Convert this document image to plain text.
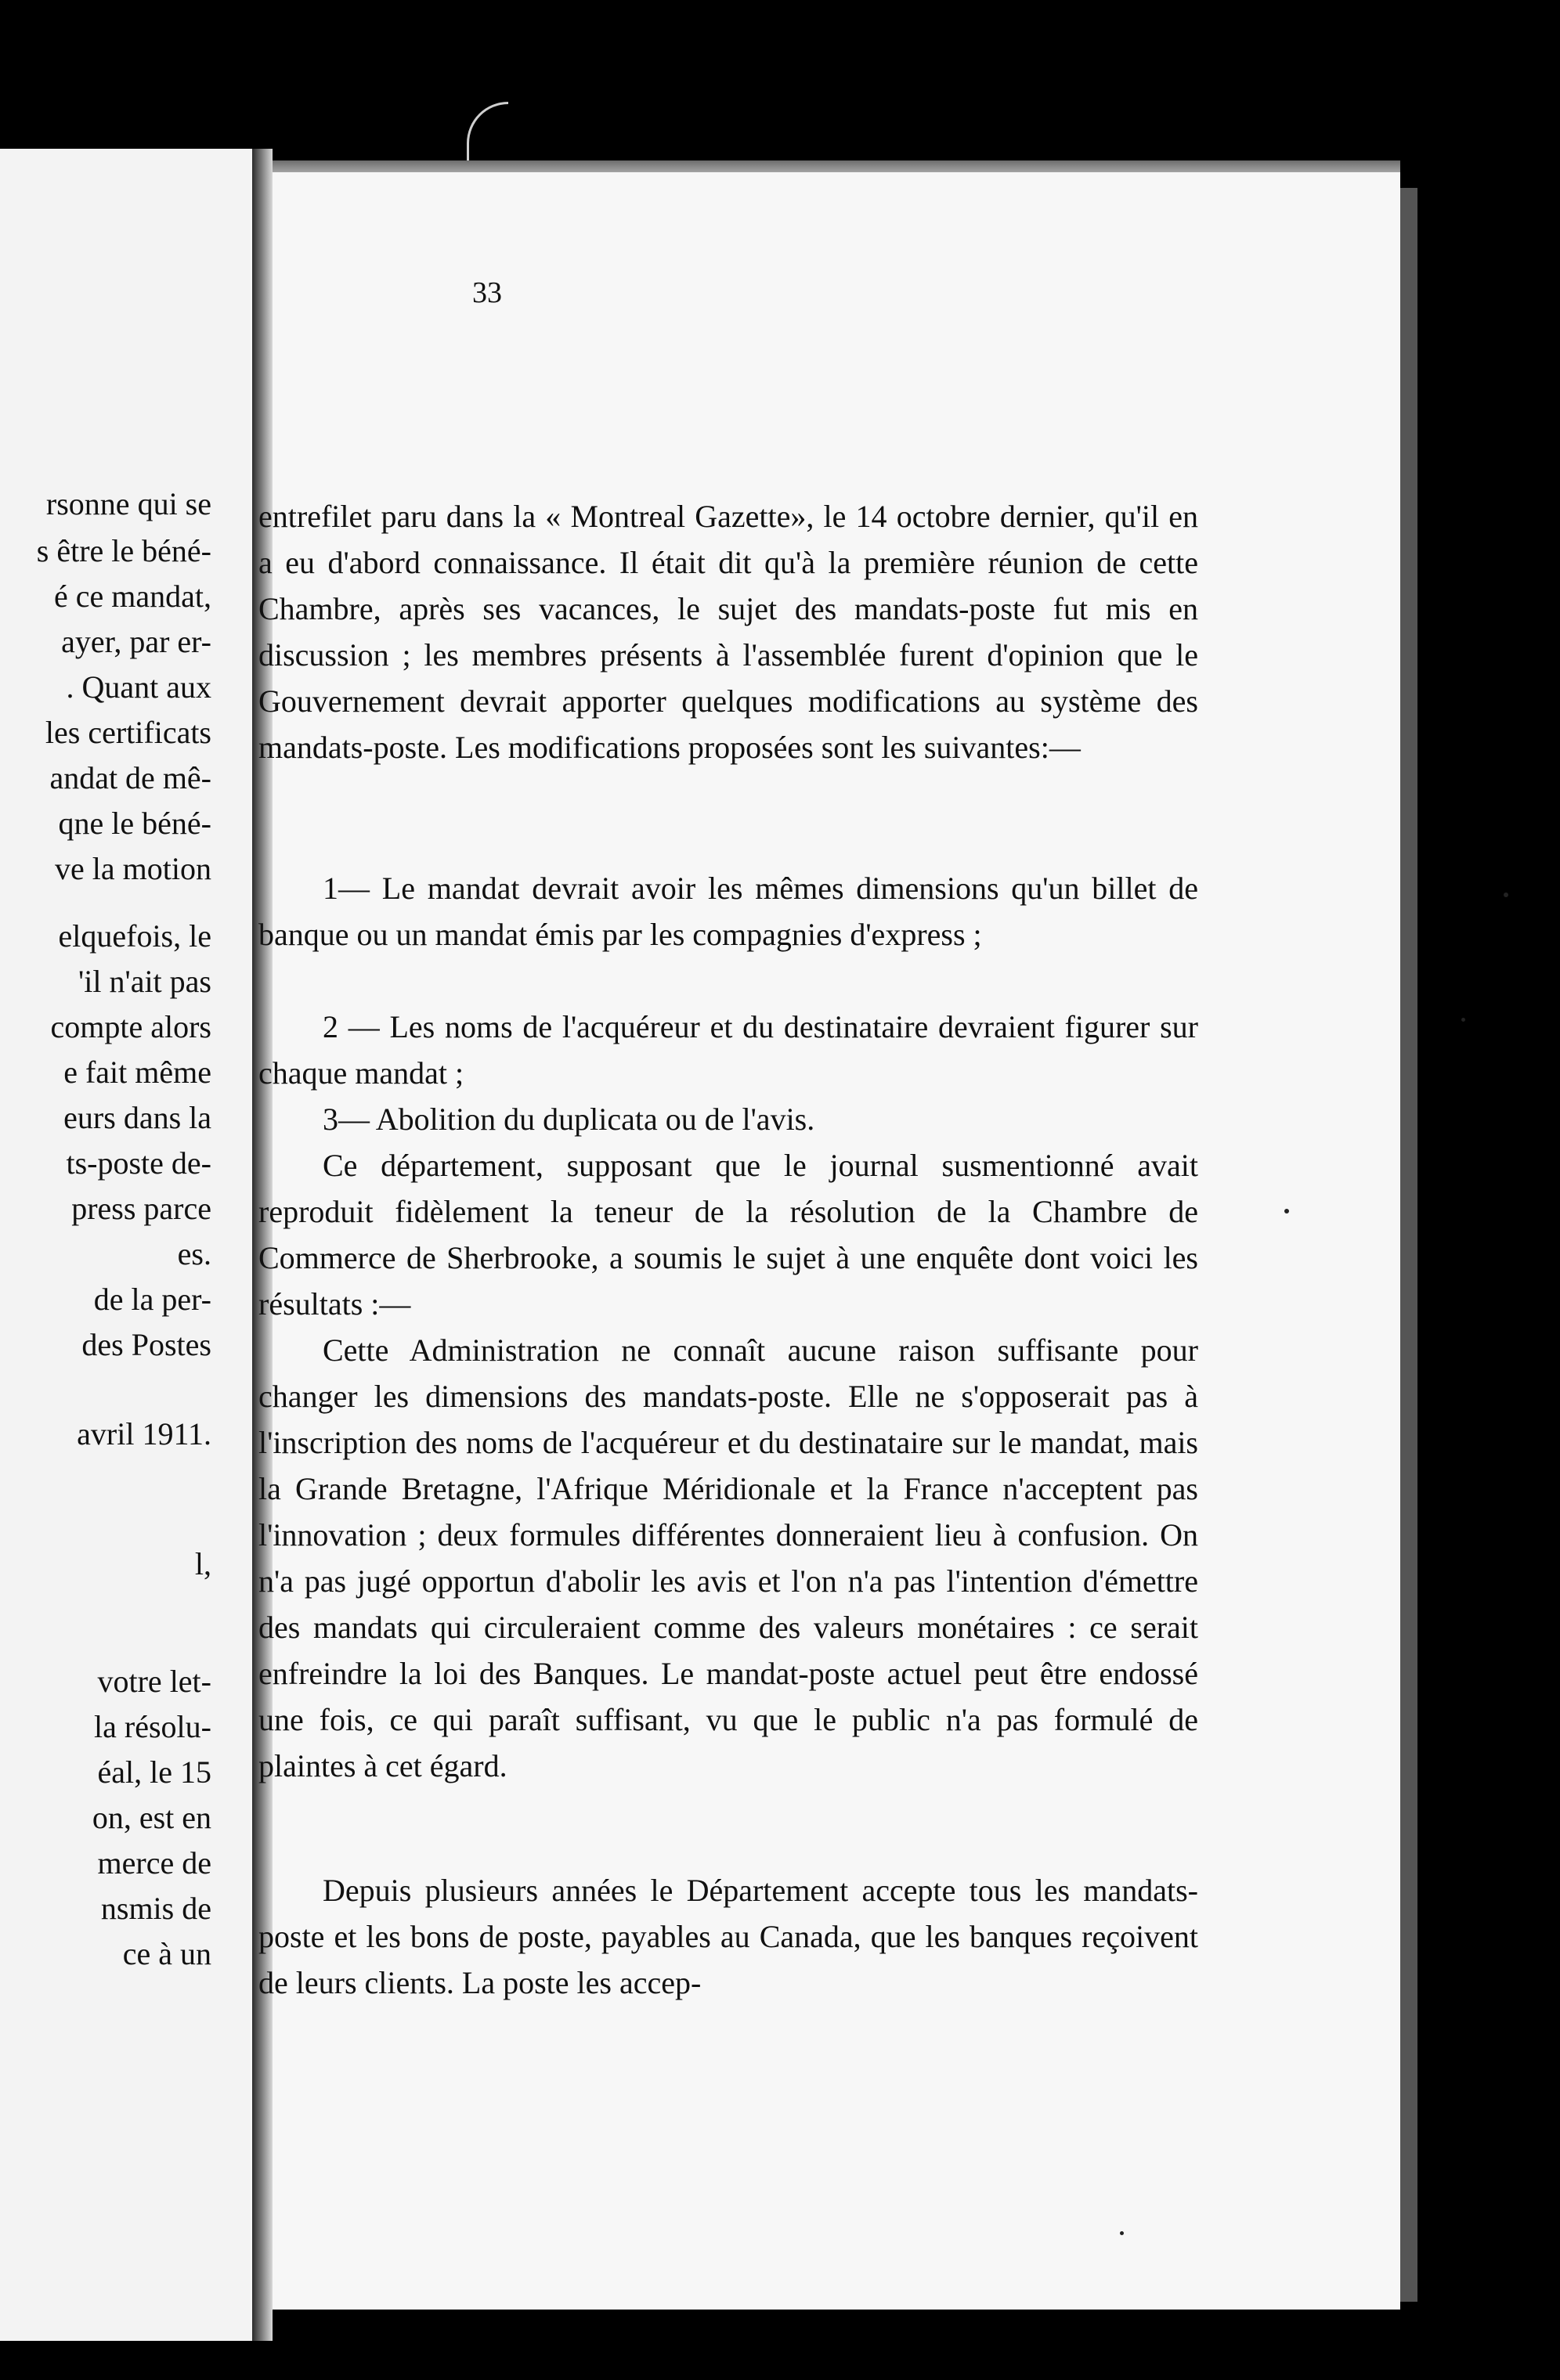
rsonne qui se

s être le béné-

é ce mandat,

ayer, par er-

. Quant aux

les certificats

andat de mê-

qne le béné-

ve la motion

elquefois, le

'il n'ait pas

compte alors

e fait même

eurs dans la

ts-poste de-

press parce

es.

de la per-

des Postes

avril 1911.

l,

votre let-

la résolu-

éal, le 15

on, est en

merce de

nsmis de

ce à un

33

entrefilet paru dans la « Montreal Gazette», le 14 octobre dernier, qu'il en a eu d'abord connaissance. Il était dit qu'à la première réunion de cette Chambre, après ses vacances, le sujet des mandats-poste fut mis en discussion ; les membres présents à l'assemblée furent d'opinion que le Gouvernement devrait apporter quelques modifications au système des mandats-poste. Les modifications proposées sont les suivantes:—

1— Le mandat devrait avoir les mêmes dimensions qu'un billet de banque ou un mandat émis par les compagnies d'express ;

2 — Les noms de l'acquéreur et du destinataire devraient figurer sur chaque mandat ;

3— Abolition du duplicata ou de l'avis.

Ce département, supposant que le journal susmentionné avait reproduit fidèlement la teneur de la résolution de la Chambre de Commerce de Sherbrooke, a soumis le sujet à une enquête dont voici les résultats :—

Cette Administration ne connaît aucune raison suffisante pour changer les dimensions des mandats-poste. Elle ne s'opposerait pas à l'inscription des noms de l'acquéreur et du destinataire sur le mandat, mais la Grande Bretagne, l'Afrique Méridionale et la France n'acceptent pas l'innovation ; deux formules différentes donneraient lieu à confusion. On n'a pas jugé opportun d'abolir les avis et l'on n'a pas l'intention d'émettre des mandats qui circuleraient comme des valeurs monétaires : ce serait enfreindre la loi des Banques. Le mandat-poste actuel peut être endossé une fois, ce qui paraît suffisant, vu que le public n'a pas formulé de plaintes à cet égard.

Depuis plusieurs années le Département accepte tous les mandats-poste et les bons de poste, payables au Canada, que les banques reçoivent de leurs clients. La poste les accep-
